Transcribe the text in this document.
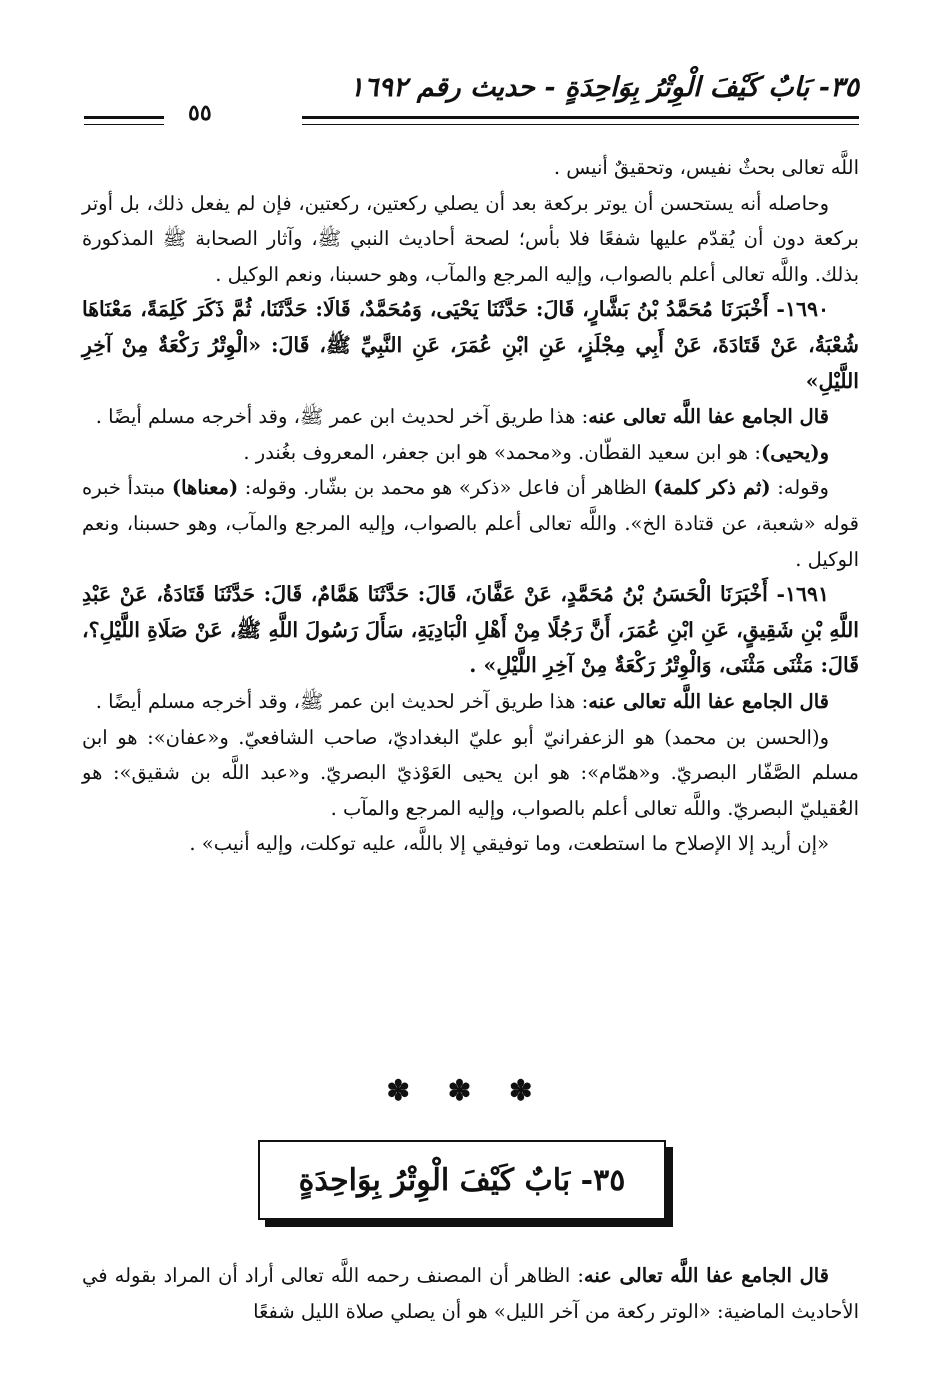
٣٥- بَابٌ كَيْفَ الْوِتْرُ بِوَاحِدَةٍ - حديث رقم ١٦٩٢
٥٥

اللَّه تعالى بحثٌ نفيس، وتحقيقٌ أنيس .

وحاصله أنه يستحسن أن يوتر بركعة بعد أن يصلي ركعتين، ركعتين، فإن لم يفعل ذلك، بل أوتر بركعة دون أن يُقدّم عليها شفعًا فلا بأس؛ لصحة أحاديث النبي ﷺ، وآثار الصحابة ﷺ المذكورة بذلك. واللَّه تعالى أعلم بالصواب، وإليه المرجع والمآب، وهو حسبنا، ونعم الوكيل .

١٦٩٠- أَخْبَرَنَا مُحَمَّدُ بْنُ بَشَّارٍ، قَالَ: حَدَّثَنَا يَحْيَى، وَمُحَمَّدٌ، قَالَا: حَدَّثَنَا، ثُمَّ ذَكَرَ كَلِمَةً، مَعْنَاهَا شُعْبَةُ، عَنْ قَتَادَةَ، عَنْ أَبِي مِجْلَزٍ، عَنِ ابْنِ عُمَرَ، عَنِ النَّبِيِّ ﷺ، قَالَ: «الْوِتْرُ رَكْعَةٌ مِنْ آخِرِ اللَّيْلِ»

قال الجامع عفا اللَّه تعالى عنه: هذا طريق آخر لحديث ابن عمر ﷺ، وقد أخرجه مسلم أيضًا .

و(يحيى): هو ابن سعيد القطّان. و«محمد» هو ابن جعفر، المعروف بغُندر .

وقوله: (ثم ذكر كلمة) الظاهر أن فاعل «ذكر» هو محمد بن بشّار. وقوله: (معناها) مبتدأ خبره قوله «شعبة، عن قتادة الخ». واللَّه تعالى أعلم بالصواب، وإليه المرجع والمآب، وهو حسبنا، ونعم الوكيل .

١٦٩١- أَخْبَرَنَا الْحَسَنُ بْنُ مُحَمَّدٍ، عَنْ عَفَّانَ، قَالَ: حَدَّثَنَا هَمَّامٌ، قَالَ: حَدَّثَنَا قَتَادَةُ، عَنْ عَبْدِ اللَّهِ بْنِ شَقِيقٍ، عَنِ ابْنِ عُمَرَ، أَنَّ رَجُلًا مِنْ أَهْلِ الْبَادِيَةِ، سَأَلَ رَسُولَ اللَّهِ ﷺ، عَنْ صَلَاةِ اللَّيْلِ؟، قَالَ: مَثْنَى مَثْنَى، وَالْوِتْرُ رَكْعَةٌ مِنْ آخِرِ اللَّيْلِ» .

قال الجامع عفا اللَّه تعالى عنه: هذا طريق آخر لحديث ابن عمر ﷺ، وقد أخرجه مسلم أيضًا .

و(الحسن بن محمد) هو الزعفرانيّ أبو عليّ البغداديّ، صاحب الشافعيّ. و«عفان»: هو ابن مسلم الصَّفّار البصريّ. و«همّام»: هو ابن يحيى العَوْذيّ البصريّ. و«عبد اللَّه بن شقيق»: هو العُقيليّ البصريّ. واللَّه تعالى أعلم بالصواب، وإليه المرجع والمآب .

«إن أريد إلا الإصلاح ما استطعت، وما توفيقي إلا باللَّه، عليه توكلت، وإليه أنيب» .

✽ ✽ ✽
٣٥- بَابٌ كَيْفَ الْوِتْرُ بِوَاحِدَةٍ

قال الجامع عفا اللَّه تعالى عنه: الظاهر أن المصنف رحمه اللَّه تعالى أراد أن المراد بقوله في الأحاديث الماضية: «الوتر ركعة من آخر الليل» هو أن يصلي صلاة الليل شفعًا
